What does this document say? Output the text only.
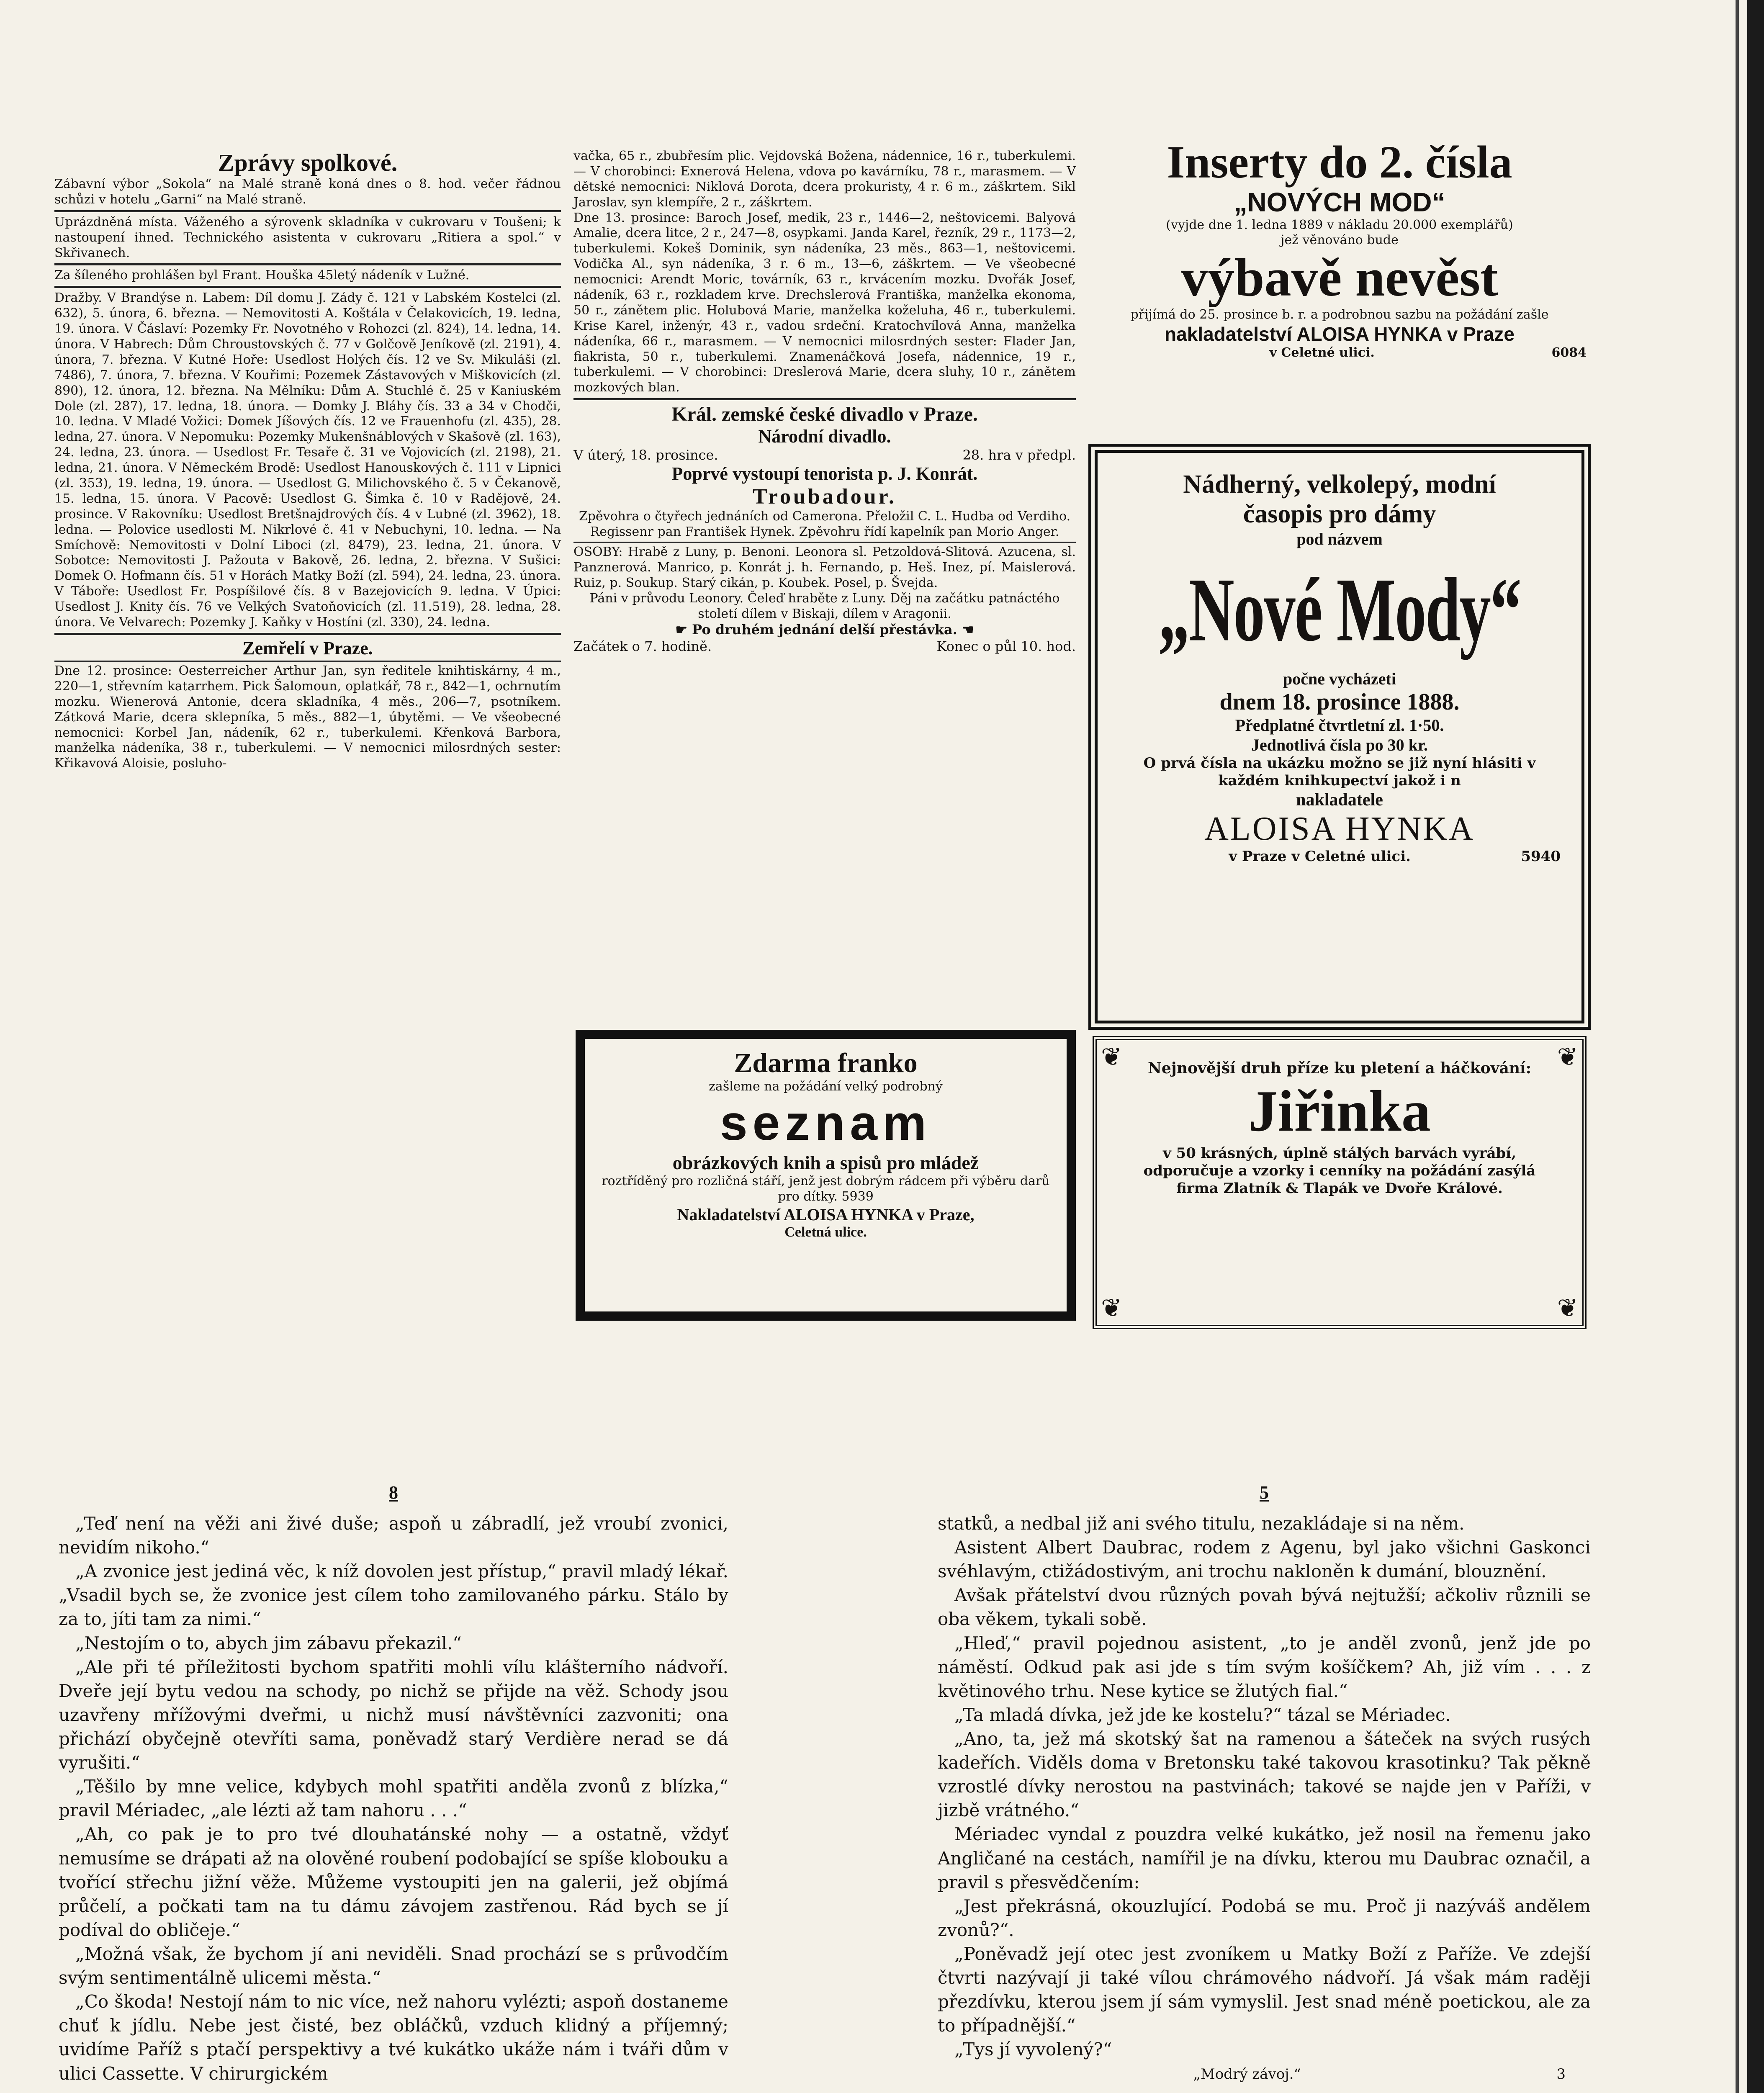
Zprávy spolkové.

Zábavní výbor „Sokola“ na Malé straně koná dnes o 8. hod. večer řádnou schůzi v hotelu „Garni“ na Malé straně.

Uprázdněná místa. Váženého a sýrovenk skladníka v cukrovaru v Toušeni; k nastoupení ihned. Technického asistenta v cukrovaru „Ritiera a spol.“ v Skřivanech.

Za šíleného prohlášen byl Frant. Houška 45letý nádeník v Lužné.

Dražby. V Brandýse n. Labem: Díl domu J. Zády č. 121 v Labském Kostelci (zl. 632), 5. února, 6. března. — Nemovitosti A. Koštála v Čelakovicích, 19. ledna, 19. února. V Čáslaví: Pozemky Fr. Novotného v Rohozci (zl. 824), 14. ledna, 14. února. V Habrech: Dům Chroustovských č. 77 v Golčově Jeníkově (zl. 2191), 4. února, 7. března. V Kutné Hoře: Usedlost Holých čís. 12 ve Sv. Mikuláši (zl. 7486), 7. února, 7. března. V Kouřimi: Pozemek Zástavových v Miškovicích (zl. 890), 12. února, 12. března. Na Mělníku: Dům A. Stuchlé č. 25 v Kaniuském Dole (zl. 287), 17. ledna, 18. února. — Domky J. Bláhy čís. 33 a 34 v Chodči, 10. ledna. V Mladé Vožici: Domek Jíšových čís. 12 ve Frauenhofu (zl. 435), 28. ledna, 27. února. V Nepomuku: Pozemky Mukenšnáblových v Skašově (zl. 163), 24. ledna, 23. února. — Usedlost Fr. Tesaře č. 31 ve Vojovicích (zl. 2198), 21. ledna, 21. února. V Německém Brodě: Usedlost Hanouskových č. 111 v Lipnici (zl. 353), 19. ledna, 19. února. — Usedlost G. Milichovského č. 5 v Čekanově, 15. ledna, 15. února. V Pacově: Usedlost G. Šimka č. 10 v Radějově, 24. prosince. V Rakovníku: Usedlost Bretšnajdrových čís. 4 v Lubné (zl. 3962), 18. ledna. — Polovice usedlosti M. Nikrlové č. 41 v Nebuchyni, 10. ledna. — Na Smíchově: Nemovitosti v Dolní Liboci (zl. 8479), 23. ledna, 21. února. V Sobotce: Nemovitosti J. Pažouta v Bakově, 26. ledna, 2. března. V Sušici: Domek O. Hofmann čís. 51 v Horách Matky Boží (zl. 594), 24. ledna, 23. února. V Táboře: Usedlost Fr. Pospíšilové čís. 8 v Bazejovicích 9. ledna. V Úpici: Usedlost J. Knity čís. 76 ve Velkých Svatoňovicích (zl. 11.519), 28. ledna, 28. února. Ve Velvarech: Pozemky J. Kaňky v Hostíni (zl. 330), 24. ledna.

Zemřelí v Praze.

Dne 12. prosince: Oesterreicher Arthur Jan, syn ředitele knihtiskárny, 4 m., 220—1, střevním katarrhem. Pick Šalomoun, oplatkář, 78 r., 842—1, ochrnutím mozku. Wienerová Antonie, dcera skladníka, 4 měs., 206—7, psotníkem. Zátková Marie, dcera sklepníka, 5 měs., 882—1, úbytěmi. — Ve všeobecné nemocnici: Korbel Jan, nádeník, 62 r., tuberkulemi. Křenková Barbora, manželka nádeníka, 38 r., tuberkulemi. — V nemocnici milosrdných sester: Křikavová Aloisie, posluho-

vačka, 65 r., zbubřesím plic. Vejdovská Božena, nádennice, 16 r., tuberkulemi. — V chorobinci: Exnerová Helena, vdova po kavárníku, 78 r., marasmem. — V dětské nemocnici: Niklová Dorota, dcera prokuristy, 4 r. 6 m., záškrtem. Sikl Jaroslav, syn klempíře, 2 r., záškrtem.

Dne 13. prosince: Baroch Josef, medik, 23 r., 1446—2, neštovicemi. Balyová Amalie, dcera litce, 2 r., 247—8, osypkami. Janda Karel, řezník, 29 r., 1173—2, tuberkulemi. Kokeš Dominik, syn nádeníka, 23 měs., 863—1, neštovicemi. Vodička Al., syn nádeníka, 3 r. 6 m., 13—6, záškrtem. — Ve všeobecné nemocnici: Arendt Moric, továrník, 63 r., krvácením mozku. Dvořák Josef, nádeník, 63 r., rozkladem krve. Drechslerová Františka, manželka ekonoma, 50 r., zánětem plic. Holubová Marie, manželka koželuha, 46 r., tuberkulemi. Krise Karel, inženýr, 43 r., vadou srdeční. Kratochvílová Anna, manželka nádeníka, 66 r., marasmem. — V nemocnici milosrdných sester: Flader Jan, fiakrista, 50 r., tuberkulemi. Znamenáčková Josefa, nádennice, 19 r., tuberkulemi. — V chorobinci: Dreslerová Marie, dcera sluhy, 10 r., zánětem mozkových blan.

Král. zemské české divadlo v Praze.

Národní divadlo.

V úterý, 18. prosince.	28. hra v předpl.

Poprvé vystoupí tenorista p. J. Konrát.

Troubadour.

Zpěvohra o čtyřech jednáních od Camerona. Přeložil C. L. Hudba od Verdiho. Regissenr pan František Hynek. Zpěvohru řídí kapelník pan Morio Anger.

OSOBY: Hrabě z Luny, p. Benoni. Leonora sl. Petzoldová-Slitová. Azucena, sl. Panznerová. Manrico, p. Konrát j. h. Fernando, p. Heš. Inez, pí. Maislerová. Ruiz, p. Soukup. Starý cikán, p. Koubek. Posel, p. Švejda.

Páni v průvodu Leonory. Čeleď hraběte z Luny. Děj na začátku patnáctého století dílem v Biskaji, dílem v Aragonii.

☛ Po druhém jednání delší přestávka. ☚

Začátek o 7. hodině.	Konec o půl 10. hod.

Zdarma franko

zašleme na požádání velký podrobný

seznam

obrázkových knih a spisů pro mládež

roztříděný pro rozličná stáří, jenž jest dobrým rádcem při výběru darů pro dítky. 5939

Nakladatelství ALOISA HYNKA v Praze,

Celetná ulice.

Inserty do 2. čísla

„NOVÝCH MOD“

(vyjde dne 1. ledna 1889 v nákladu 20.000 exemplářů)

jež věnováno bude

výbavě nevěst

přijímá do 25. prosince b. r. a podrobnou sazbu na požádání zašle

nakladatelství ALOISA HYNKA v Praze

v Celetné ulici.	6084

Nádherný, velkolepý, modní

časopis pro dámy

pod názvem

„Nové Mody“

počne vycházeti

dnem 18. prosince 1888.

Předplatné čtvrtletní zl. 1·50.

Jednotlivá čísla po 30 kr.

O prvá čísla na ukázku možno se již nyní hlásiti v každém knihkupectví jakož i n

nakladatele

ALOISA HYNKA

v Praze v Celetné ulici.	5940
❦	❦
❦	❦

Nejnovější druh příze ku pletení a háčkování:

Jiřinka

v 50 krásných, úplně stálých barvách vyrábí, odporučuje a vzorky i cenníky na požádání zasýlá firma Zlatník & Tlapák ve Dvoře Králové.

8

„Teď není na věži ani živé duše; aspoň u zábradlí, jež vroubí zvonici, nevidím nikoho.“

„A zvonice jest jediná věc, k níž dovolen jest přístup,“ pravil mladý lékař. „Vsadil bych se, že zvonice jest cílem toho zamilovaného párku. Stálo by za to, jíti tam za nimi.“

„Nestojím o to, abych jim zábavu překazil.“

„Ale při té příležitosti bychom spatřiti mohli vílu klášterního nádvoří. Dveře její bytu vedou na schody, po nichž se přijde na věž. Schody jsou uzavřeny mřížovými dveřmi, u nichž musí návštěvníci zazvoniti; ona přichází obyčejně otevříti sama, poněvadž starý Verdière nerad se dá vyrušiti.“

„Těšilo by mne velice, kdybych mohl spatřiti anděla zvonů z blízka,“ pravil Mériadec, „ale lézti až tam nahoru . . .“

„Ah, co pak je to pro tvé dlouhatánské nohy — a ostatně, vždyť nemusíme se drápati až na olověné roubení podobající se spíše klobouku a tvořící střechu jižní věže. Můžeme vystoupiti jen na galerii, jež objímá průčelí, a počkati tam na tu dámu závojem zastřenou. Rád bych se jí podíval do obličeje.“

„Možná však, že bychom jí ani neviděli. Snad prochází se s průvodčím svým sentimentálně ulicemi města.“

„Co škoda! Nestojí nám to nic více, než nahoru vylézti; aspoň dostaneme chuť k jídlu. Nebe jest čisté, bez obláčků, vzduch klidný a příjemný; uvidíme Paříž s ptačí perspektivy a tvé kukátko ukáže nám i tváři dům v ulici Cassette. V chirurgickém

5

statků, a nedbal již ani svého titulu, nezakládaje si na něm.

Asistent Albert Daubrac, rodem z Agenu, byl jako všichni Gaskonci svéhlavým, ctižádostivým, ani trochu nakloněn k dumání, blouznění.

Avšak přátelství dvou různých povah bývá nejtužší; ačkoliv různili se oba věkem, tykali sobě.

„Hleď,“ pravil pojednou asistent, „to je anděl zvonů, jenž jde po náměstí. Odkud pak asi jde s tím svým košíčkem? Ah, již vím . . . z květinového trhu. Nese kytice se žlutých fial.“

„Ta mladá dívka, jež jde ke kostelu?“ tázal se Mériadec.

„Ano, ta, jež má skotský šat na ramenou a šáteček na svých rusých kadeřích. Viděls doma v Bretonsku také takovou krasotinku? Tak pěkně vzrostlé dívky nerostou na pastvinách; takové se najde jen v Paříži, v jizbě vrátného.“

Mériadec vyndal z pouzdra velké kukátko, jež nosil na řemenu jako Angličané na cestách, namířil je na dívku, kterou mu Daubrac označil, a pravil s přesvědčením:

„Jest překrásná, okouzlující. Podobá se mu. Proč ji nazýváš andělem zvonů?“.

„Poněvadž její otec jest zvoníkem u Matky Boží z Paříže. Ve zdejší čtvrti nazývají ji také vílou chrámového nádvoří. Já však mám raději přezdívku, kterou jsem jí sám vymyslil. Jest snad méně poetickou, ale za to případnější.“

„Tys jí vyvolený?“

„Modrý závoj.“	3
